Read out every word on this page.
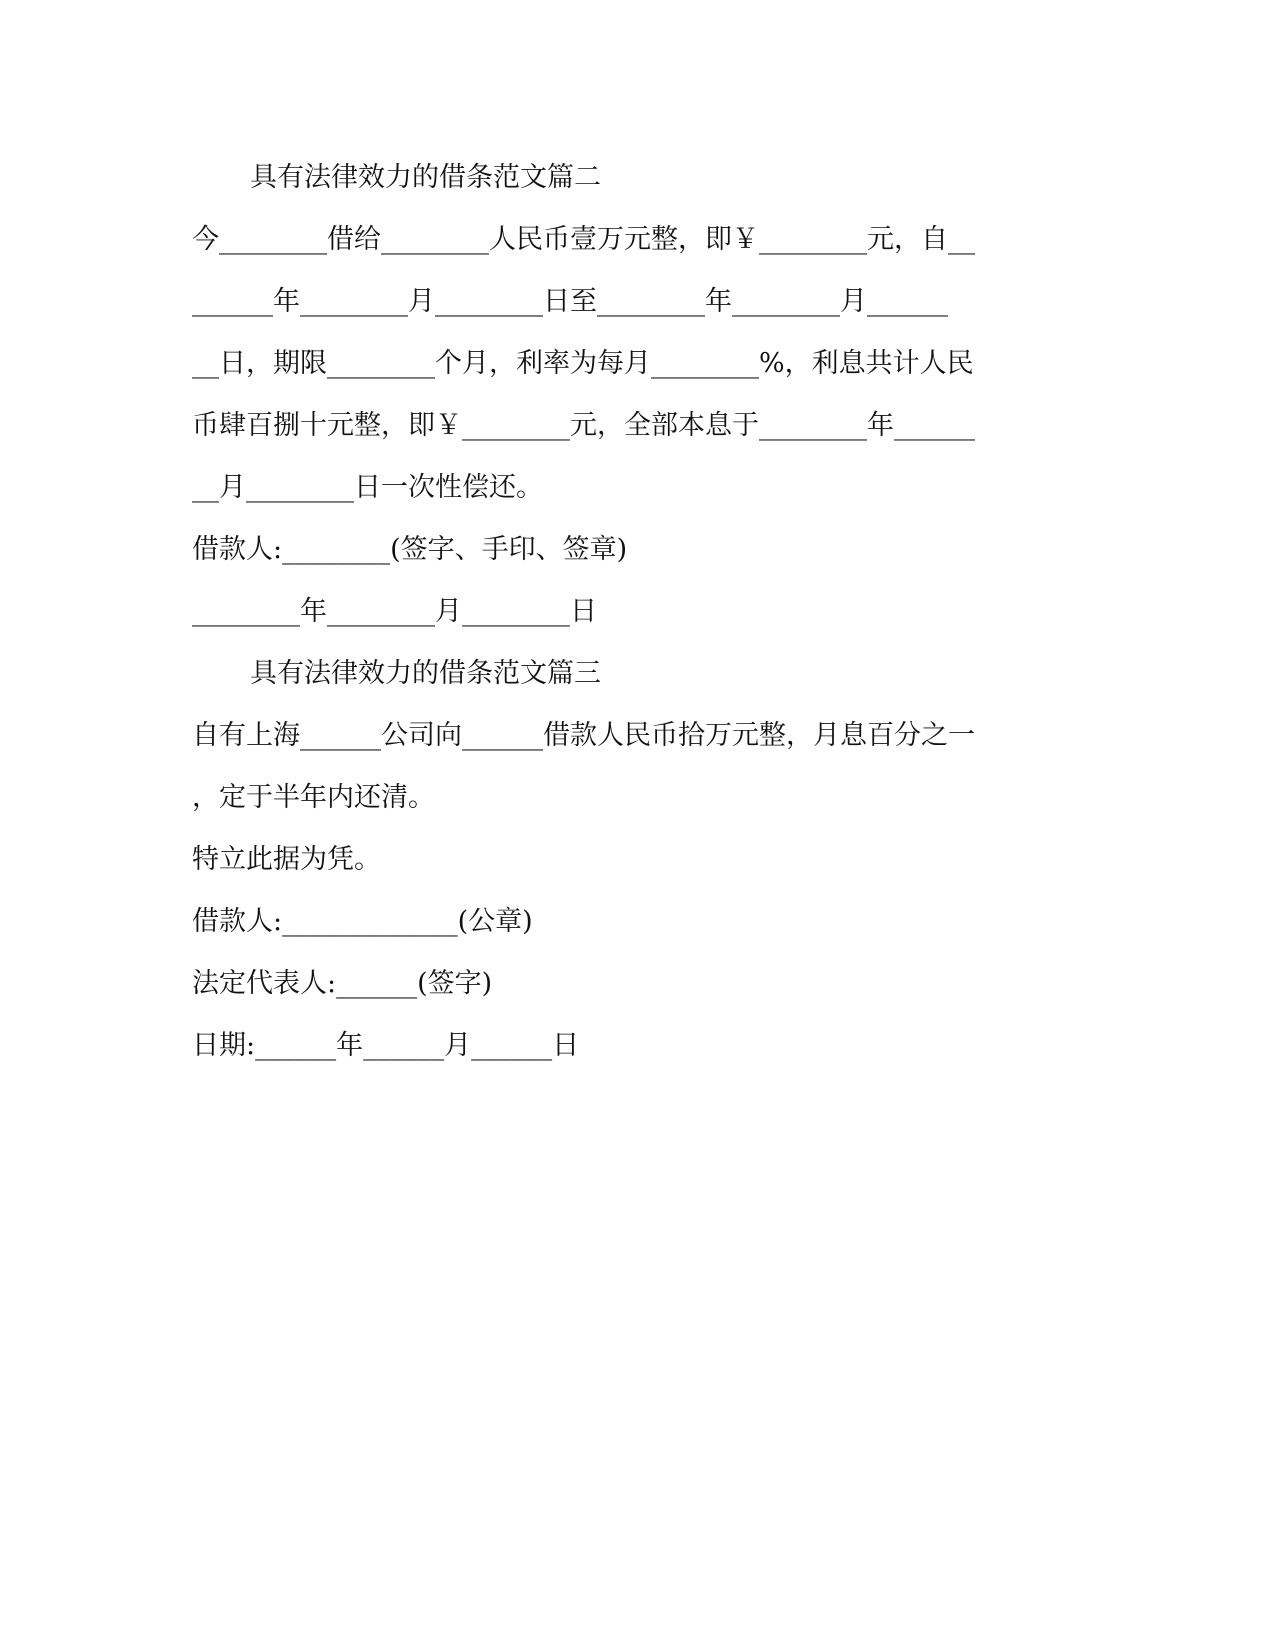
具有法律效力的借条范文篇二
今________借给________人民币壹万元整，即￥________元，自__
______年________月________日至________年________月______
__日，期限________个月，利率为每月________%，利息共计人民
币肆百捌十元整，即￥________元，全部本息于________年______
__月________日一次性偿还。
借款人:________(签字、手印、签章)
________年________月________日
具有法律效力的借条范文篇三
自有上海______公司向______借款人民币拾万元整，月息百分之一
，定于半年内还清。
特立此据为凭。
借款人:_____________(公章)
法定代表人:______(签字)
日期:______年______月______日
